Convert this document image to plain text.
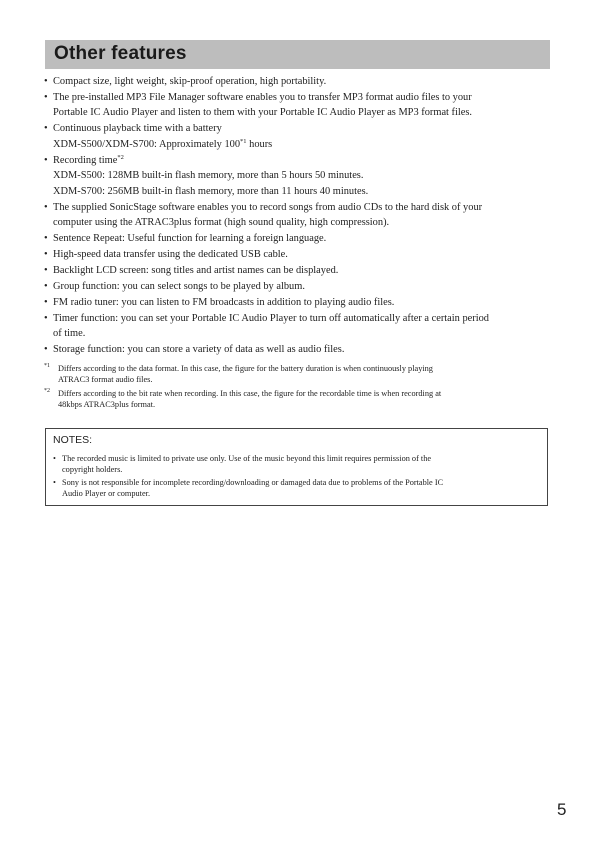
Other features
• Compact size, light weight, skip-proof operation, high portability.
• The pre-installed MP3 File Manager software enables you to transfer MP3 format audio files to your
Portable IC Audio Player and listen to them with your Portable IC Audio Player as MP3 format files.
• Continuous playback time with a battery
XDM-S500/XDM-S700: Approximately 100$^{*1}$ hours
• Recording time$^{*2}$
XDM-S500: 128MB built-in flash memory, more than 5 hours 50 minutes.
XDM-S700: 256MB built-in flash memory, more than 11 hours 40 minutes.
• The supplied SonicStage software enables you to record songs from audio CDs to the hard disk of your
computer using the ATRAC3plus format (high sound quality, high compression).
• Sentence Repeat: Useful function for learning a foreign language.
• High-speed data transfer using the dedicated USB cable.
• Backlight LCD screen: song titles and artist names can be displayed.
• Group function: you can select songs to be played by album.
• FM radio tuner: you can listen to FM broadcasts in addition to playing audio files.
• Timer function: you can set your Portable IC Audio Player to turn off automatically after a certain period
of time.
• Storage function: you can store a variety of data as well as audio files.
*1 Differs according to the data format. In this case, the figure for the battery duration is when continuously playing
ATRAC3 format audio files.
*2 Differs according to the bit rate when recording. In this case, the figure for the recordable time is when recording at
48kbps ATRAC3plus format.
NOTES:
• The recorded music is limited to private use only. Use of the music beyond this limit requires permission of the
copyright holders.
• Sony is not responsible for incomplete recording/downloading or damaged data due to problems of the Portable IC
Audio Player or computer.
5
